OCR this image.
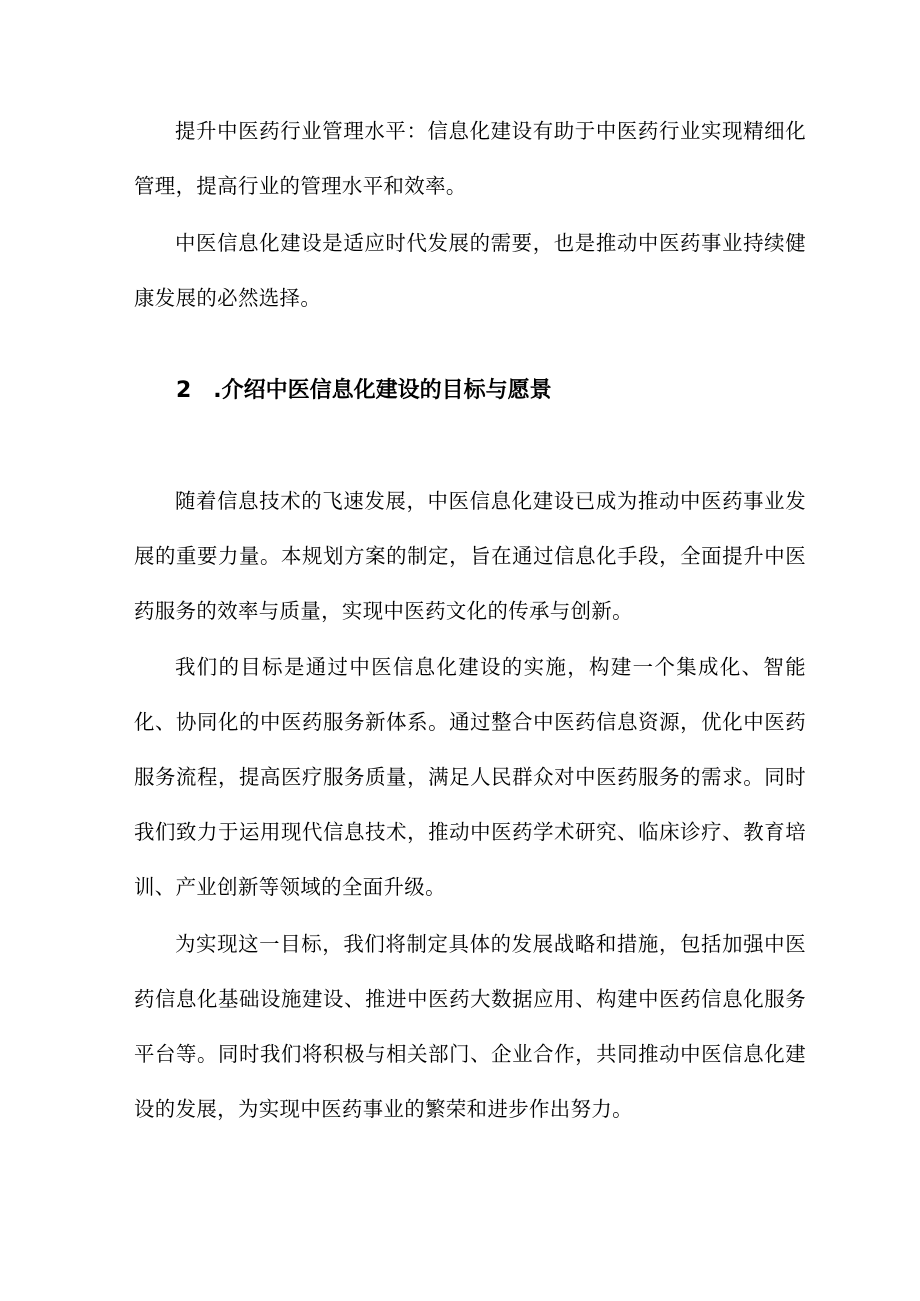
提升中医药行业管理水平：信息化建设有助于中医药行业实现精细化管理，提高行业的管理水平和效率。

中医信息化建设是适应时代发展的需要，也是推动中医药事业持续健康发展的必然选择。

2　.介绍中医信息化建设的目标与愿景

随着信息技术的飞速发展，中医信息化建设已成为推动中医药事业发展的重要力量。本规划方案的制定，旨在通过信息化手段，全面提升中医药服务的效率与质量，实现中医药文化的传承与创新。

我们的目标是通过中医信息化建设的实施，构建一个集成化、智能化、协同化的中医药服务新体系。通过整合中医药信息资源，优化中医药服务流程，提高医疗服务质量，满足人民群众对中医药服务的需求。同时我们致力于运用现代信息技术，推动中医药学术研究、临床诊疗、教育培训、产业创新等领域的全面升级。

为实现这一目标，我们将制定具体的发展战略和措施，包括加强中医药信息化基础设施建设、推进中医药大数据应用、构建中医药信息化服务平台等。同时我们将积极与相关部门、企业合作，共同推动中医信息化建设的发展，为实现中医药事业的繁荣和进步作出努力。
